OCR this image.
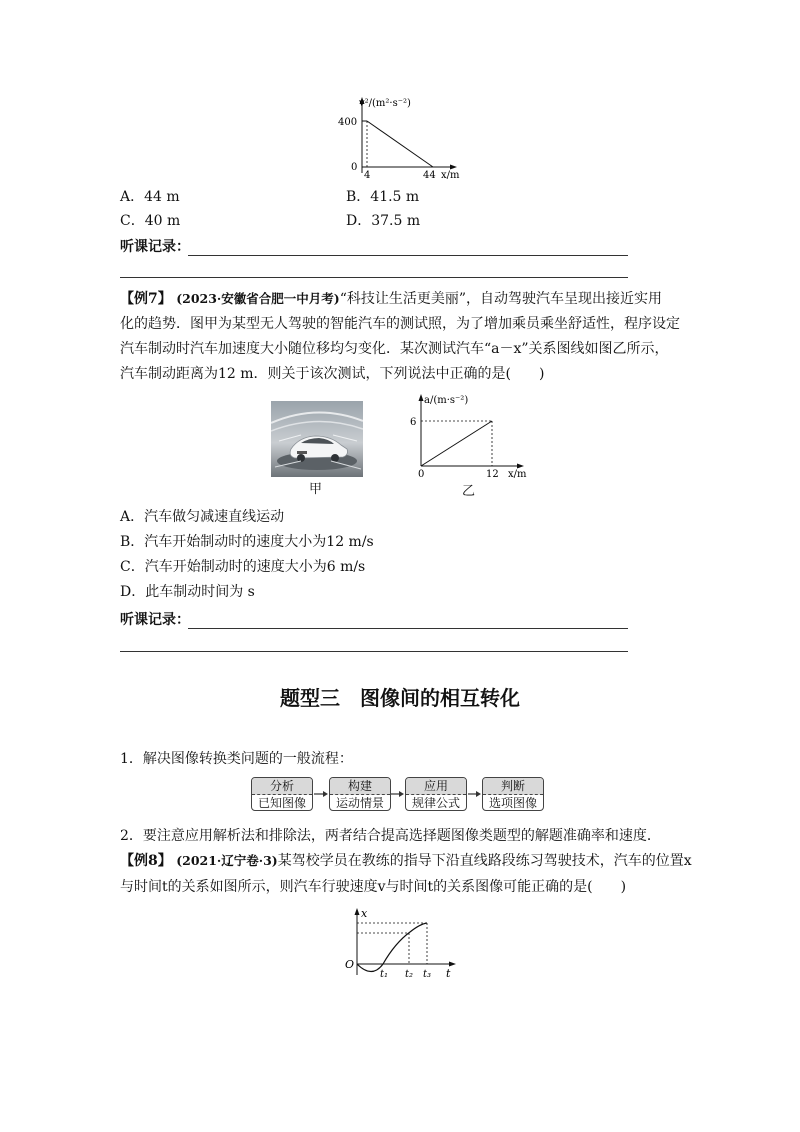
v²/(m²·s⁻²)
400
0
4	44 x/m
A．44 m	B．41.5 m
C．40 m	D．37.5 m
听课记录：
【例7】 (2023·安徽省合肥一中月考)“科技让生活更美丽”，自动驾驶汽车呈现出接近实用
化的趋势．图甲为某型无人驾驶的智能汽车的测试照，为了增加乘员乘坐舒适性，程序设定
汽车制动时汽车加速度大小随位移均匀变化．某次测试汽车“a－x”关系图线如图乙所示，
汽车制动距离为12 m．则关于该次测试，下列说法中正确的是(　　)
甲
a/(m·s⁻²)
6
0	12 x/m
乙
A．汽车做匀减速直线运动
B．汽车开始制动时的速度大小为12 m/s
C．汽车开始制动时的速度大小为6 m/s
D．此车制动时间为 s
听课记录：
题型三　图像间的相互转化
1．解决图像转换类问题的一般流程：
分析
已知图像
构建
运动情景
应用
规律公式
判断
选项图像
2．要注意应用解析法和排除法，两者结合提高选择题图像类题型的解题准确率和速度．
【例8】 (2021·辽宁卷·3)某驾校学员在教练的指导下沿直线路段练习驾驶技术，汽车的位置x
与时间t的关系如图所示，则汽车行驶速度v与时间t的关系图像可能正确的是(　　)
x
O
t₁ t₂ t₃ t
